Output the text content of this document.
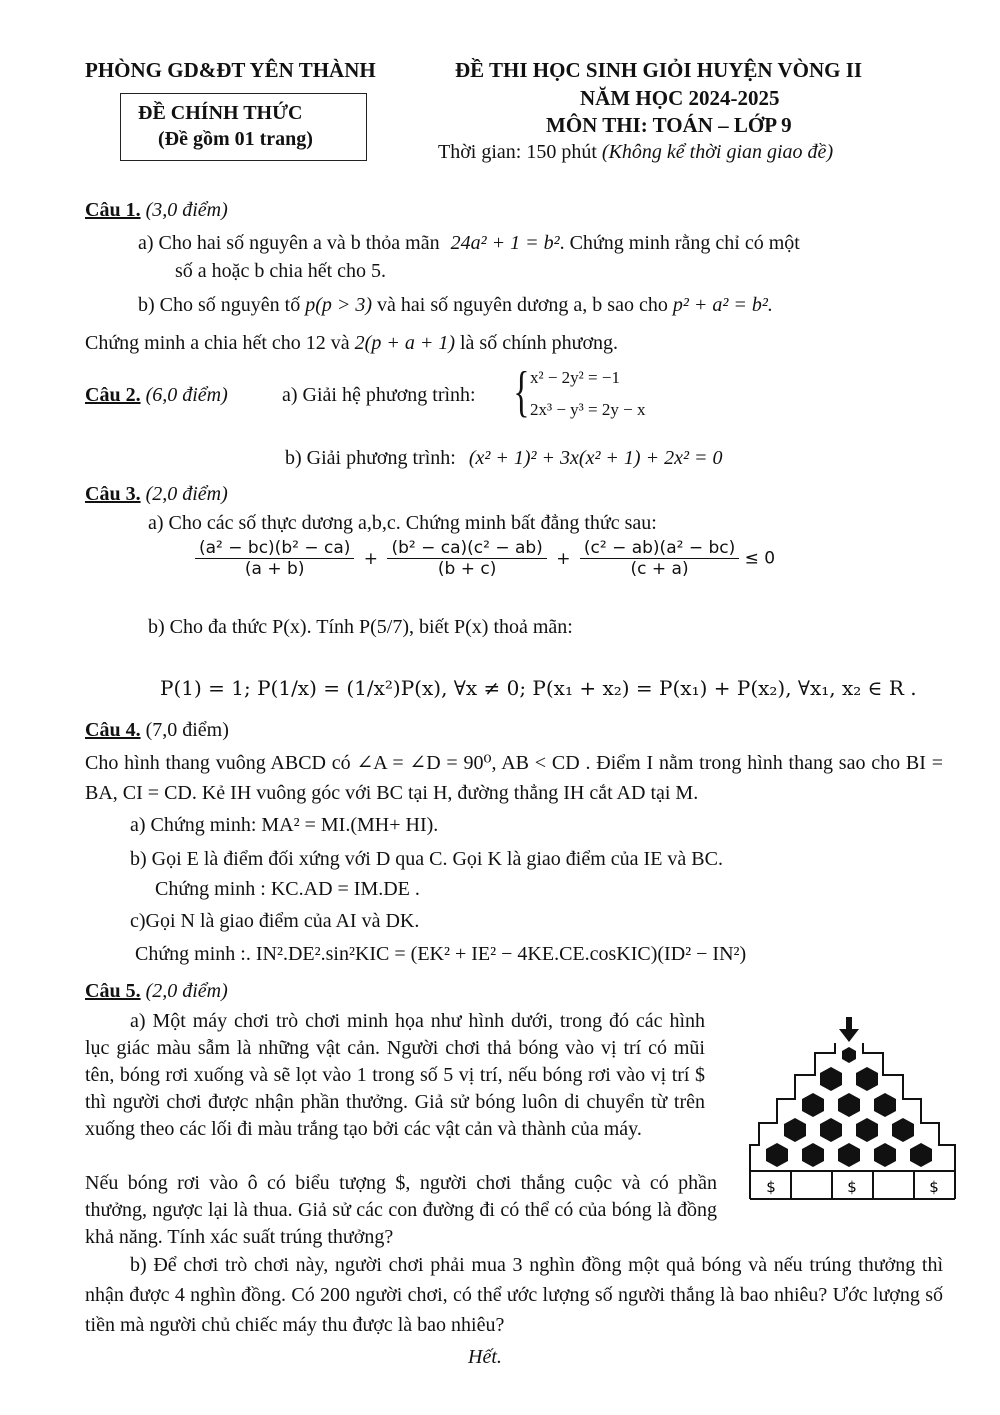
PHÒNG GD&ĐT YÊN THÀNH
ĐỀ CHÍNH THỨC
(Đề gồm 01 trang)
ĐỀ THI HỌC SINH GIỎI HUYỆN VÒNG II
NĂM HỌC 2024-2025
MÔN THI: TOÁN – LỚP 9
Thời gian: 150 phút (Không kể thời gian giao đề)
Câu 1. (3,0 điểm)
a) Cho hai số nguyên a và b thỏa mãn 24a² + 1 = b². Chứng minh rằng chỉ có một
số a hoặc b chia hết cho 5.
b) Cho số nguyên tố p(p > 3) và hai số nguyên dương a, b sao cho p² + a² = b².
Chứng minh a chia hết cho 12 và 2(p + a + 1) là số chính phương.
Câu 2. (6,0 điểm)	a) Giải hệ phương trình: { x² − 2y² = −1
2x³ − y³ = 2y − x
b) Giải phương trình: (x² + 1)² + 3x(x² + 1) + 2x² = 0
Câu 3. (2,0 điểm)
a) Cho các số thực dương a,b,c. Chứng minh bất đẳng thức sau:
$\frac{\text{(a² − bc)(b² − ca)}}{(a + b)} + \frac{\text{(b² − ca)(c² − ab)}}{(b + c)} + \frac{\text{(c² − ab)(a² − bc)}}{(c + a)} \le 0$
b) Cho đa thức P(x). Tính P(5/7), biết P(x) thoả mãn:
P(1) = 1; P(1/x) = (1/x²)P(x), ∀x ≠ 0; P(x₁ + x₂) = P(x₁) + P(x₂), ∀x₁, x₂ ∈ R .
Câu 4. (7,0 điểm)
Cho hình thang vuông ABCD có ∠A = ∠D = 90⁰, AB < CD . Điểm I nằm trong hình thang sao cho BI = BA, CI = CD. Kẻ IH vuông góc với BC tại H, đường thẳng IH cắt AD tại M.
a) Chứng minh: MA² = MI.(MH+ HI).
b) Gọi E là điểm đối xứng với D qua C. Gọi K là giao điểm của IE và BC.
Chứng minh : KC.AD = IM.DE .
c)Gọi N là giao điểm của AI và DK.
Chứng minh :. IN².DE².sin²KIC = (EK² + IE² − 4KE.CE.cosKIC)(ID² − IN²)
Câu 5. (2,0 điểm)
a) Một máy chơi trò chơi minh họa như hình dưới, trong đó các hình lục giác màu sẫm là những vật cản. Người chơi thả bóng vào vị trí có mũi tên, bóng rơi xuống và sẽ lọt vào 1 trong số 5 vị trí, nếu bóng rơi vào vị trí $ thì người chơi được nhận phần thưởng. Giả sử bóng luôn di chuyển từ trên xuống theo các lối đi màu trắng tạo bởi các vật cản và thành của máy.
Nếu bóng rơi vào ô có biểu tượng $, người chơi thắng cuộc và có phần thưởng, ngược lại là thua. Giả sử các con đường đi có thể có của bóng là đồng khả năng. Tính xác suất trúng thưởng?
b) Để chơi trò chơi này, người chơi phải mua 3 nghìn đồng một quả bóng và nếu trúng thưởng thì nhận được 4 nghìn đồng. Có 200 người chơi, có thể ước lượng số người thắng là bao nhiêu? Ước lượng số tiền mà người chủ chiếc máy thu được là bao nhiêu?
Hết.
$	$	$
